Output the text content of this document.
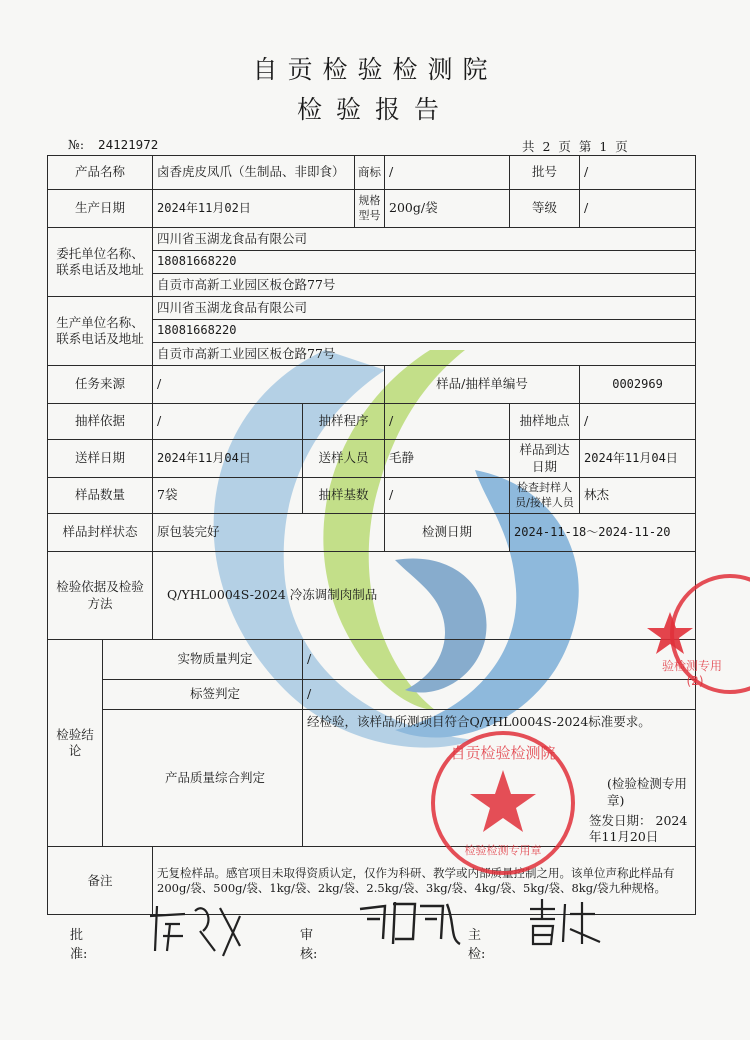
自贡检验检测院
检验报告
№: 24121972	共 2 页 第 1 页
产品名称		卤香虎皮凤爪（生制品、非即食）		商标	/	批号	/
生产日期		2024年11月02日		规格型号	200g/袋	等级	/
委托单位名称、联系电话及地址		四川省玉湖龙食品有限公司					
		18081668220					
		自贡市高新工业园区板仓路77号					
生产单位名称、联系电话及地址		四川省玉湖龙食品有限公司					
		18081668220					
		自贡市高新工业园区板仓路77号					
任务来源		/			样品/抽样单编号		0002969
抽样依据		/	抽样程序		/	抽样地点	/
送样日期		2024年11月04日	送样人员		毛静	样品到达日期	2024年11月04日
样品数量		7袋	抽样基数		/	检查封样人员/接样人员	林杰
样品封样状态		原包装完好			检测日期	2024-11-18～2024-11-20	
检验依据及检验方法		Q/YHL0004S-2024 冷冻调制肉制品					
检验结论	实物质量判定		/				
	标签判定		/				
	产品质量综合判定		经检验，该样品所测项目符合Q/YHL0004S-2024标准要求。
(检验检测专用章)
签发日期： 2024年11月20日				

备注		无复检样品。感官项目未取得资质认定，仅作为科研、教学或内部质量控制之用。该单位声称此样品有200g/袋、500g/袋、1kg/袋、2kg/袋、2.5kg/袋、3kg/袋、4kg/袋、5kg/袋、8kg/袋九种规格。					
自贡检验检测院
检验检测专用章
验检测专用
(2)
批准:
审核:
主检:
